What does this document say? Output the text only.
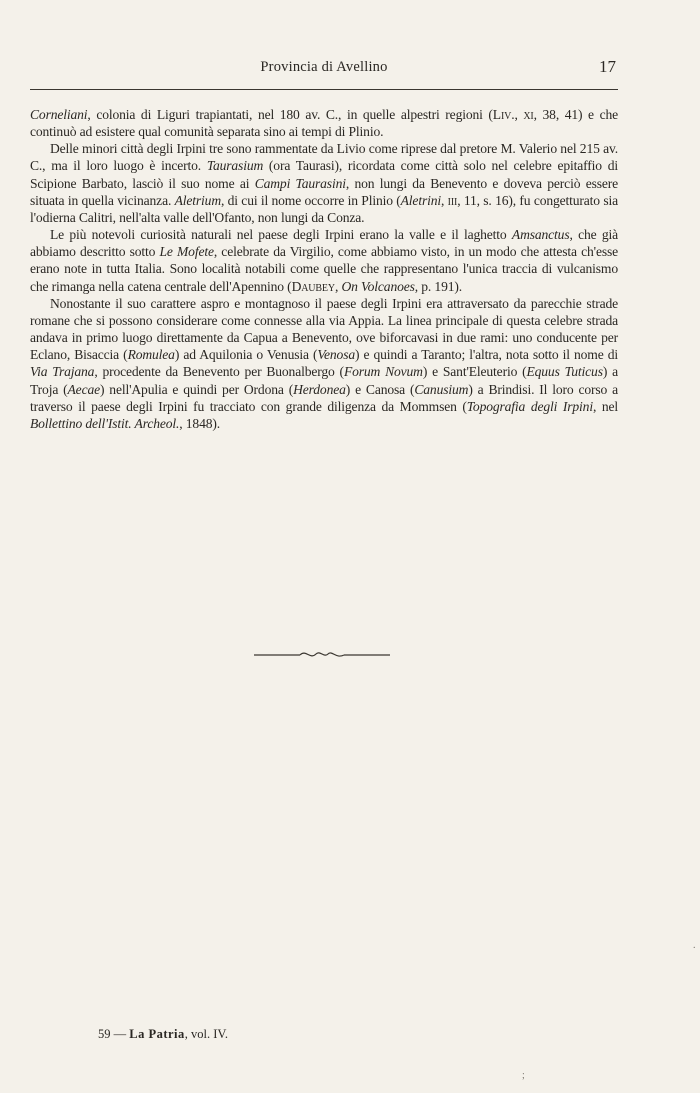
Provincia di Avellino	17

Corneliani, colonia di Liguri trapiantati, nel 180 av. C., in quelle alpestri regioni (Liv., xi, 38, 41) e che continuò ad esistere qual comunità separata sino ai tempi di Plinio.

Delle minori città degli Irpini tre sono rammentate da Livio come riprese dal pretore M. Valerio nel 215 av. C., ma il loro luogo è incerto. Taurasium (ora Taurasi), ricordata come città solo nel celebre epitaffio di Scipione Barbato, lasciò il suo nome ai Campi Taurasini, non lungi da Benevento e doveva perciò essere situata in quella vicinanza. Aletrium, di cui il nome occorre in Plinio (Aletrini, iii, 11, s. 16), fu congetturato sia l'odierna Calitri, nell'alta valle dell'Ofanto, non lungi da Conza.

Le più notevoli curiosità naturali nel paese degli Irpini erano la valle e il laghetto Amsanctus, che già abbiamo descritto sotto Le Mofete, celebrate da Virgilio, come abbiamo visto, in un modo che attesta ch'esse erano note in tutta Italia. Sono località notabili come quelle che rappresentano l'unica traccia di vulcanismo che rimanga nella catena centrale dell'Apennino (Daubey, On Volcanoes, p. 191).

Nonostante il suo carattere aspro e montagnoso il paese degli Irpini era attraversato da parecchie strade romane che si possono considerare come connesse alla via Appia. La linea principale di questa celebre strada andava in primo luogo direttamente da Capua a Benevento, ove biforcavasi in due rami: uno conducente per Eclano, Bisaccia (Romulea) ad Aquilonia o Venusia (Venosa) e quindi a Taranto; l'altra, nota sotto il nome di Via Trajana, procedente da Benevento per Buonalbergo (Forum Novum) e Sant'Eleuterio (Equus Tuticus) a Troja (Aecae) nell'Apulia e quindi per Ordona (Herdonea) e Canosa (Canusium) a Brindisi. Il loro corso a traverso il paese degli Irpini fu tracciato con grande diligenza da Mommsen (Topografia degli Irpini, nel Bollettino dell'Istit. Archeol., 1848).

59 — La Patria, vol. IV.
.
;
